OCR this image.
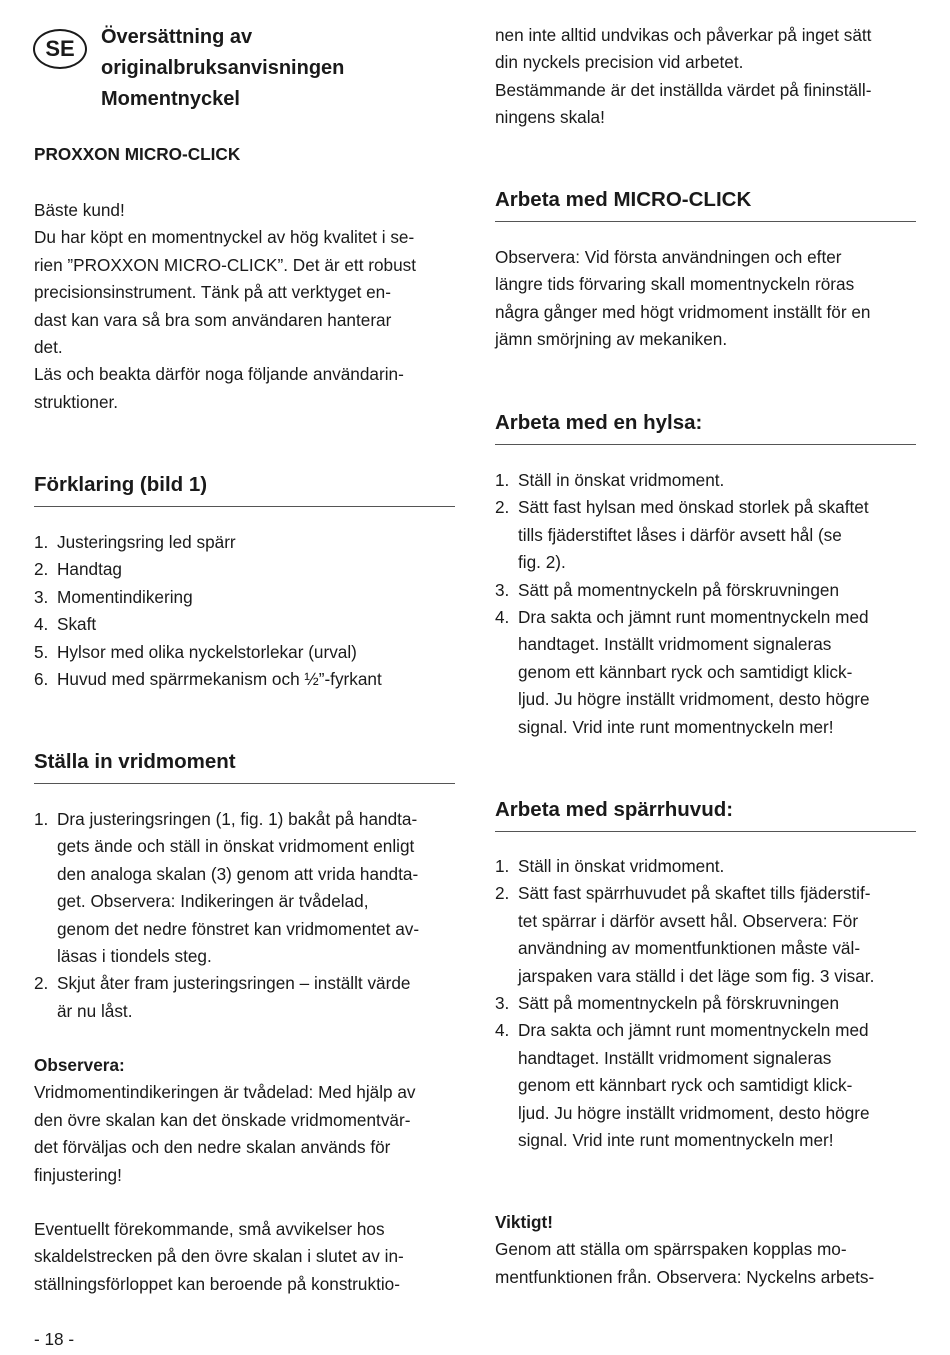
SE	Översättning av
originalbruksanvisningen
Momentnyckel
PROXXON MICRO-CLICK

Bäste kund!

Du har köpt en momentnyckel av hög kvalitet i se-

rien ”PROXXON MICRO-CLICK”. Det är ett robust

precisionsinstrument. Tänk på att verktyget en-

dast kan vara så bra som användaren hanterar

det.

Läs och beakta därför noga följande användarin-

struktioner.

Förklaring (bild 1)
1. Justeringsring led spärr
2. Handtag
3. Momentindikering
4. Skaft
5. Hylsor med olika nyckelstorlekar (urval)
6. Huvud med spärrmekanism och ½”-fyrkant
Ställa in vridmoment
1. Dra justeringsringen (1, fig. 1) bakåt på handta-
gets ände och ställ in önskat vridmoment enligt
den analoga skalan (3) genom att vrida handta-
get. Observera: Indikeringen är tvådelad,
genom det nedre fönstret kan vridmomentet av-
läsas i tiondels steg.
2. Skjut åter fram justeringsringen – inställt värde
är nu låst.

Observera:

Vridmomentindikeringen är tvådelad: Med hjälp av

den övre skalan kan det önskade vridmomentvär-

det förväljas och den nedre skalan används för

finjustering!

Eventuellt förekommande, små avvikelser hos

skaldelstrecken på den övre skalan i slutet av in-

ställningsförloppet kan beroende på konstruktio-

nen inte alltid undvikas och påverkar på inget sätt

din nyckels precision vid arbetet.

Bestämmande är det inställda värdet på fininställ-

ningens skala!

Arbeta med MICRO-CLICK

Observera: Vid första användningen och efter

längre tids förvaring skall momentnyckeln röras

några gånger med högt vridmoment inställt för en

jämn smörjning av mekaniken.

Arbeta med en hylsa:
1. Ställ in önskat vridmoment.
2. Sätt fast hylsan med önskad storlek på skaftet
tills fjäderstiftet låses i därför avsett hål (se
fig. 2).
3. Sätt på momentnyckeln på förskruvningen
4. Dra sakta och jämnt runt momentnyckeln med
handtaget. Inställt vridmoment signaleras
genom ett kännbart ryck och samtidigt klick-
ljud. Ju högre inställt vridmoment, desto högre
signal. Vrid inte runt momentnyckeln mer!
Arbeta med spärrhuvud:
1. Ställ in önskat vridmoment.
2. Sätt fast spärrhuvudet på skaftet tills fjäderstif-
tet spärrar i därför avsett hål. Observera: För
användning av momentfunktionen måste väl-
jarspaken vara ställd i det läge som fig. 3 visar.
3. Sätt på momentnyckeln på förskruvningen
4. Dra sakta och jämnt runt momentnyckeln med
handtaget. Inställt vridmoment signaleras
genom ett kännbart ryck och samtidigt klick-
ljud. Ju högre inställt vridmoment, desto högre
signal. Vrid inte runt momentnyckeln mer!

Viktigt!

Genom att ställa om spärrspaken kopplas mo-

mentfunktionen från. Observera: Nyckelns arbets-

- 18 -
